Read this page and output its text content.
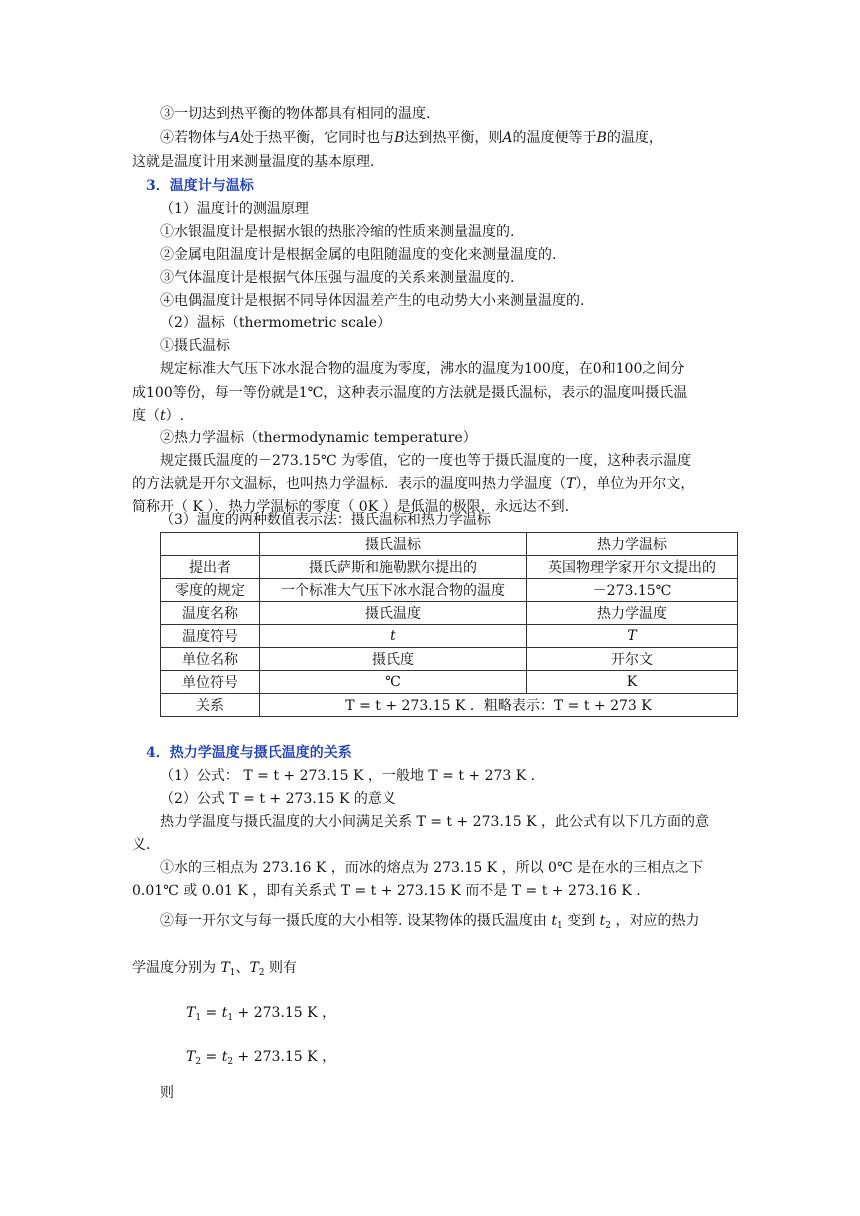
③一切达到热平衡的物体都具有相同的温度.
④若物体与A处于热平衡，它同时也与B达到热平衡，则A的温度便等于B的温度，
这就是温度计用来测量温度的基本原理.
3．温度计与温标
（1）温度计的测温原理
①水银温度计是根据水银的热胀冷缩的性质来测量温度的.
②金属电阻温度计是根据金属的电阻随温度的变化来测量温度的.
③气体温度计是根据气体压强与温度的关系来测量温度的.
④电偶温度计是根据不同导体因温差产生的电动势大小来测量温度的.
（2）温标（thermometric scale）
①摄氏温标
规定标准大气压下冰水混合物的温度为零度，沸水的温度为100度，在0和100之间分
成100等份，每一等份就是1℃，这种表示温度的方法就是摄氏温标，表示的温度叫摄氏温
度（t）.
②热力学温标（thermodynamic temperature）
规定摄氏温度的－273.15℃ 为零值，它的一度也等于摄氏温度的一度，这种表示温度
的方法就是开尔文温标，也叫热力学温标．表示的温度叫热力学温度（T），单位为开尔文，
简称开（ K ）．热力学温标的零度（ 0K ）是低温的极限，永远达不到.
（3）温度的两种数值表示法：摄氏温标和热力学温标
	摄氏温标	热力学温标
提出者	摄氏萨斯和施勒默尔提出的	英国物理学家开尔文提出的
零度的规定	一个标准大气压下冰水混合物的温度	－273.15℃
温度名称	摄氏温度	热力学温度
温度符号	t	T
单位名称	摄氏度	开尔文
单位符号	℃	K
关系	T = t + 273.15 K ．粗略表示：T = t + 273 K	
4．热力学温度与摄氏温度的关系
（1）公式： T = t + 273.15 K ，一般地 T = t + 273 K .
（2）公式 T = t + 273.15 K 的意义
热力学温度与摄氏温度的大小间满足关系 T = t + 273.15 K ，此公式有以下几方面的意
义.
①水的三相点为 273.16 K ，而冰的熔点为 273.15 K ，所以 0℃ 是在水的三相点之下
0.01℃ 或 0.01 K ，即有关系式 T = t + 273.15 K 而不是 T = t + 273.16 K .
②每一开尔文与每一摄氏度的大小相等. 设某物体的摄氏温度由 $t_1$ 变到 $t_2$ ，对应的热力
学温度分别为 $T_1$、$T_2$ 则有
$T_1 = t_1 + 273.15$ K ，
$T_2 = t_2 + 273.15$ K ，
则
